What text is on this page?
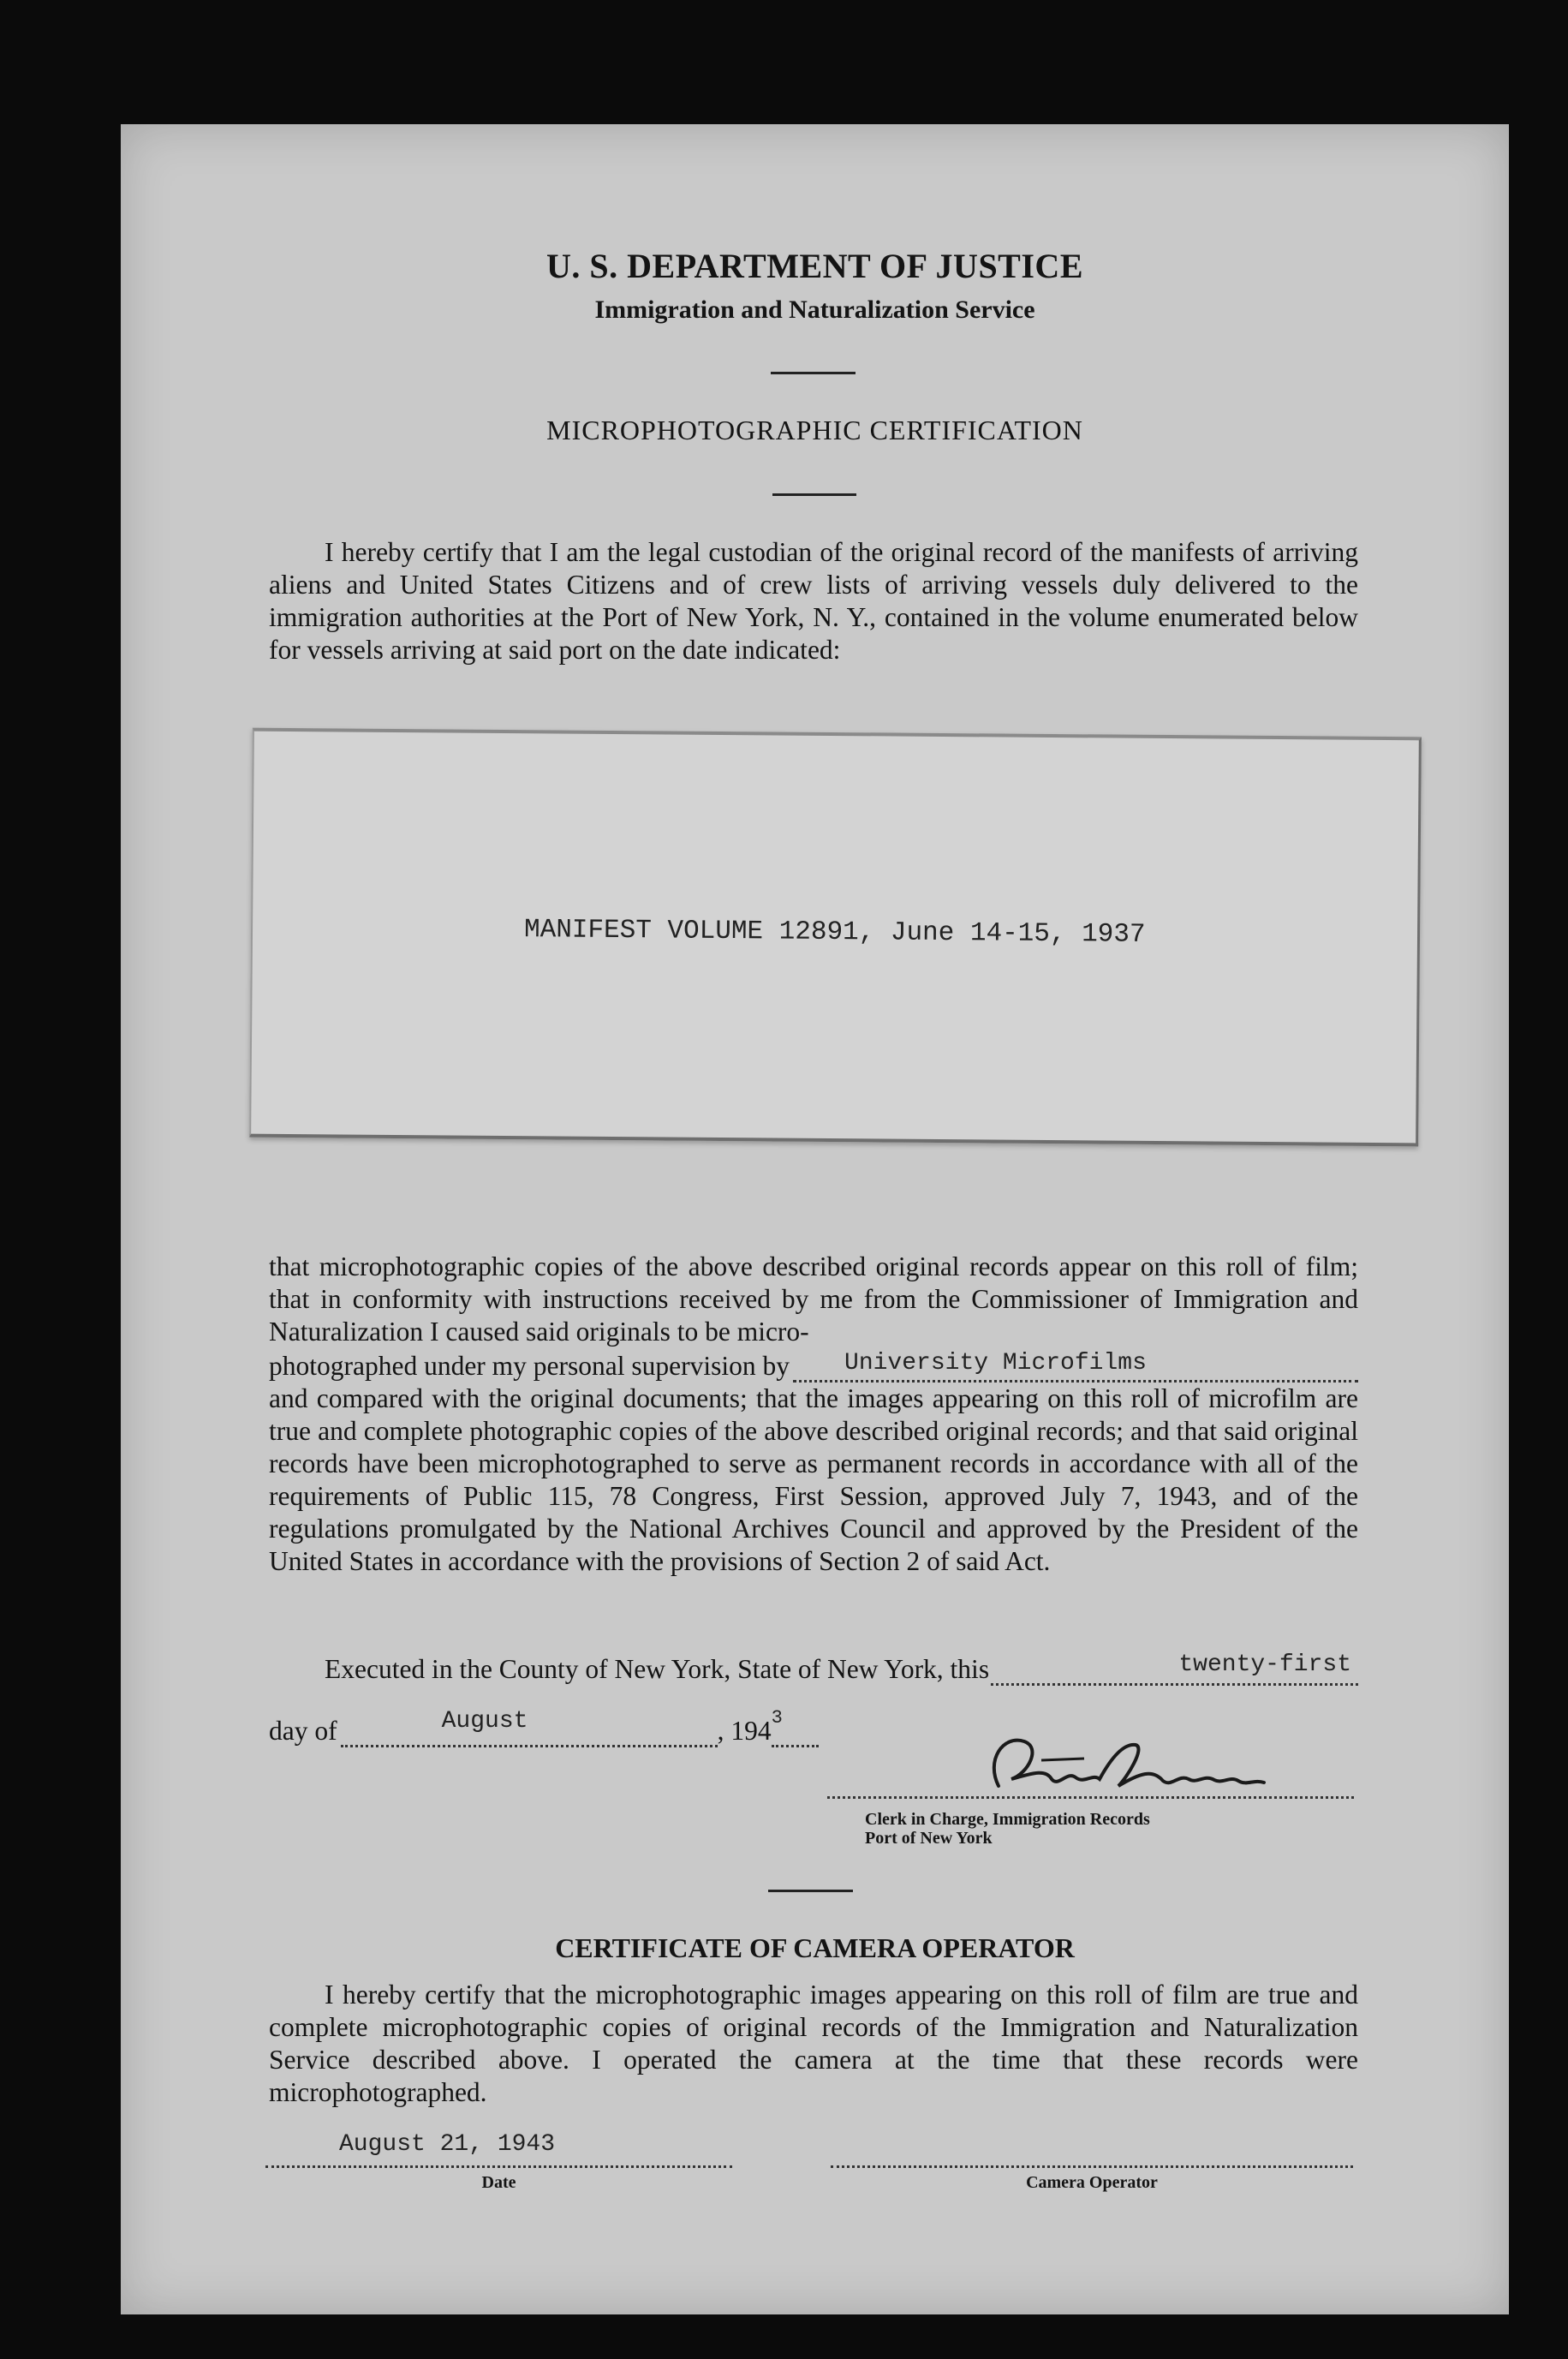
U. S. DEPARTMENT OF JUSTICE
Immigration and Naturalization Service
MICROPHOTOGRAPHIC CERTIFICATION
I hereby certify that I am the legal custodian of the original record of the manifests of arriving aliens and United States Citizens and of crew lists of arriving vessels duly delivered to the immigration authorities at the Port of New York, N. Y., contained in the volume enumerated below for vessels arriving at said port on the date indicated:
MANIFEST VOLUME 12891, June 14-15, 1937

that microphotographic copies of the above described original records appear on this roll of film; that in conformity with instructions received by me from the Commissioner of Immigration and Naturalization I caused said originals to be micro-

photographed under my personal supervision by University Microfilms

and compared with the original documents; that the images appearing on this roll of microfilm are true and complete photographic copies of the above described original records; and that said original records have been microphotographed to serve as permanent records in accordance with all of the requirements of Public 115, 78 Congress, First Session, approved July 7, 1943, and of the regulations promulgated by the National Archives Council and approved by the President of the United States in accordance with the provisions of Section 2 of said Act.

Executed in the County of New York, State of New York, this	twenty-first
day of	August	, 194 3
Clerk in Charge, Immigration Records
Port of New York
CERTIFICATE OF CAMERA OPERATOR
I hereby certify that the microphotographic images appearing on this roll of film are true and complete microphotographic copies of original records of the Immigration and Naturalization Service described above. I operated the camera at the time that these records were microphotographed.
August 21, 1943
Date	Camera Operator
